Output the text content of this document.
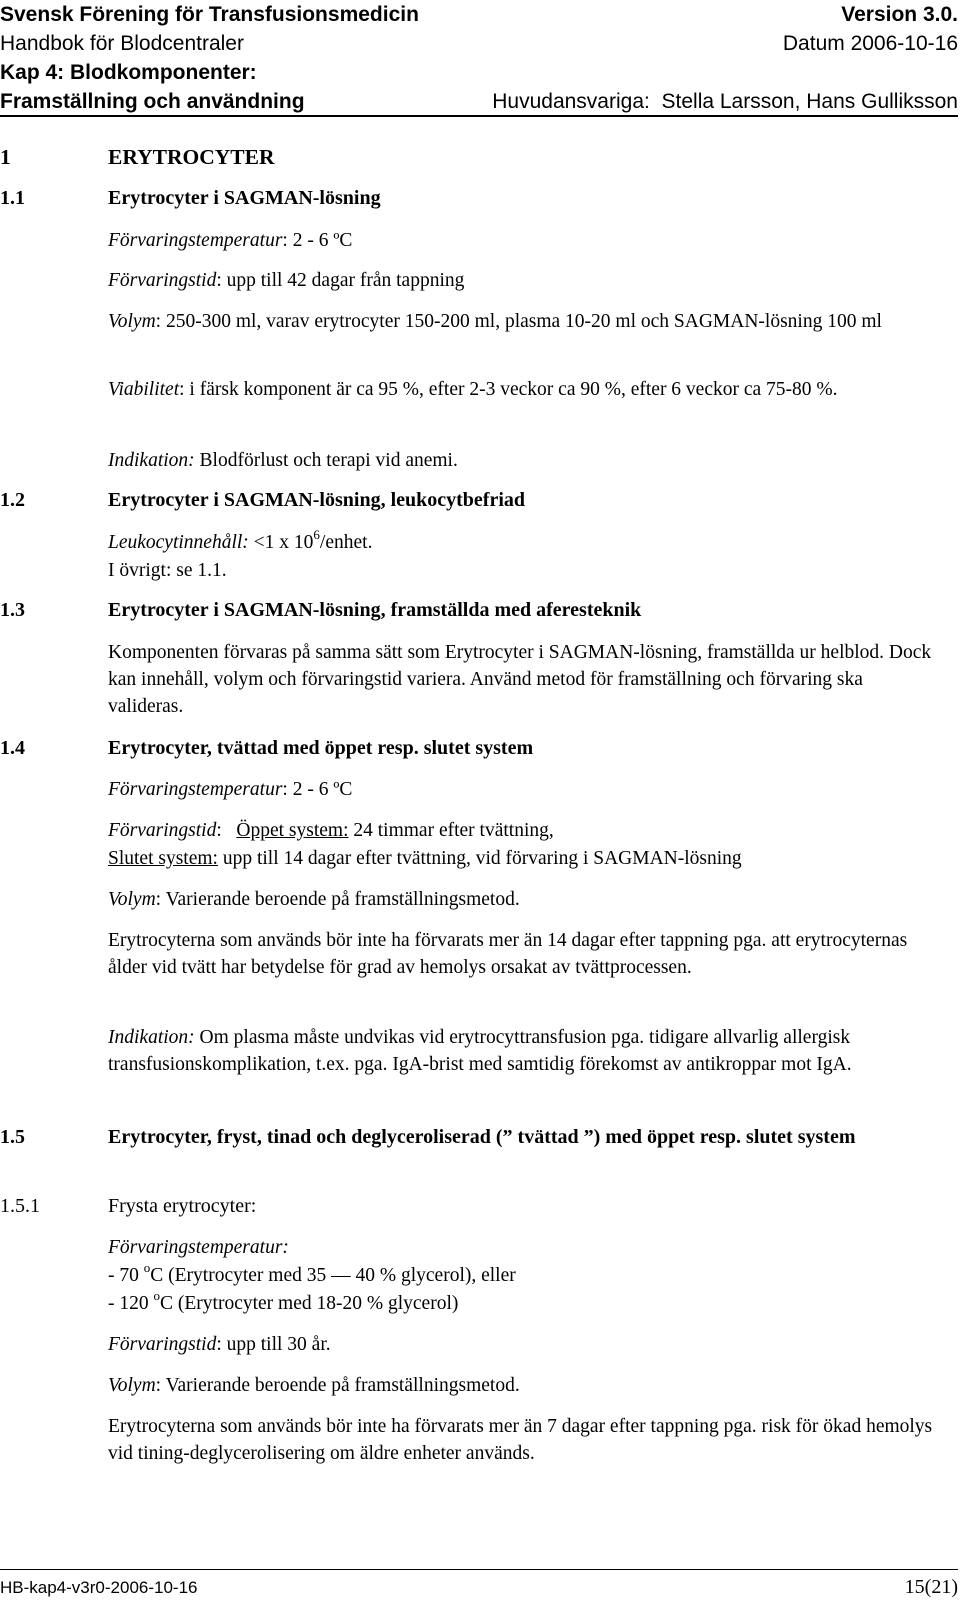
Svensk Förening för Transfusionsmedicin	Version 3.0.
Handbok för Blodcentraler	Datum 2006-10-16
Kap 4: Blodkomponenter:
Framställning och användning	Huvudansvariga: Stella Larsson, Hans Gulliksson
1	ERYTROCYTER
1.1	Erytrocyter i SAGMAN-lösning
Förvaringstemperatur: 2 - 6 ºC
Förvaringstid: upp till 42 dagar från tappning
Volym: 250-300 ml, varav erytrocyter 150-200 ml, plasma 10-20 ml och SAGMAN-lösning 100 ml
Viabilitet: i färsk komponent är ca 95 %, efter 2-3 veckor ca 90 %, efter 6 veckor ca 75-80 %.
Indikation: Blodförlust och terapi vid anemi.
1.2	Erytrocyter i SAGMAN-lösning, leukocytbefriad
Leukocytinnehåll: <1 x $10^6$/enhet.
I övrigt: se 1.1.
1.3	Erytrocyter i SAGMAN-lösning, framställda med aferesteknik
Komponenten förvaras på samma sätt som Erytrocyter i SAGMAN-lösning, framställda ur helblod. Dock kan innehåll, volym och förvaringstid variera. Använd metod för framställning och förvaring ska valideras.
1.4	Erytrocyter, tvättad med öppet resp. slutet system
Förvaringstemperatur: 2 - 6 ºC
Förvaringstid: Öppet system: 24 timmar efter tvättning,
Slutet system: upp till 14 dagar efter tvättning, vid förvaring i SAGMAN-lösning
Volym: Varierande beroende på framställningsmetod.
Erytrocyterna som används bör inte ha förvarats mer än 14 dagar efter tappning pga. att erytrocyternas ålder vid tvätt har betydelse för grad av hemolys orsakat av tvättprocessen.
Indikation: Om plasma måste undvikas vid erytrocyttransfusion pga. tidigare allvarlig allergisk transfusionskomplikation, t.ex. pga. IgA-brist med samtidig förekomst av antikroppar mot IgA.
1.5	Erytrocyter, fryst, tinad och deglyceroliserad (” tvättad ”) med öppet resp. slutet system
1.5.1	Frysta erytrocyter:
Förvaringstemperatur:
- 70 $^o$C (Erytrocyter med 35 — 40 % glycerol), eller
- 120 $^o$C (Erytrocyter med 18-20 % glycerol)
Förvaringstid: upp till 30 år.
Volym: Varierande beroende på framställningsmetod.
Erytrocyterna som används bör inte ha förvarats mer än 7 dagar efter tappning pga. risk för ökad hemolys vid tining-deglycerolisering om äldre enheter används.
HB-kap4-v3r0-2006-10-16	15(21)
